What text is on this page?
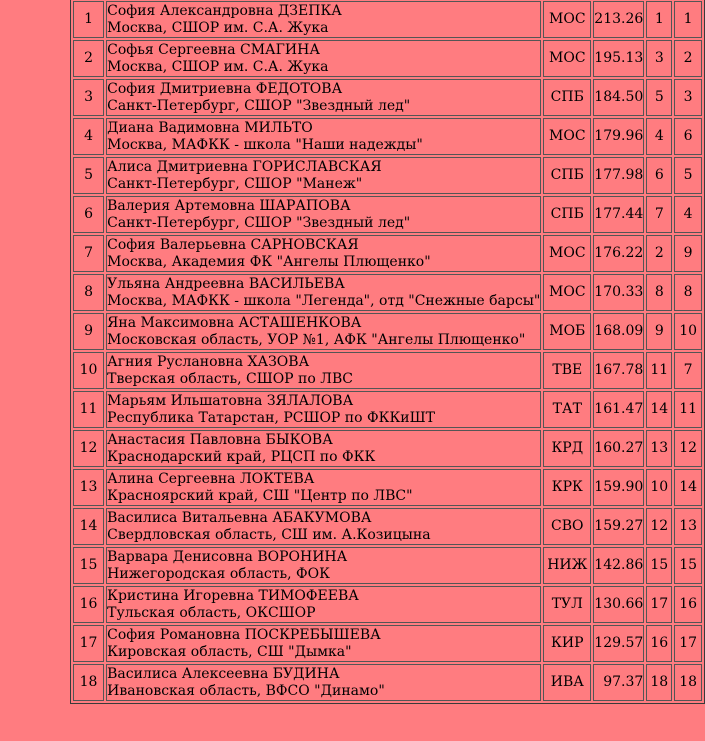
1	София Александровна ДЗЕПКА
Москва, СШОР им. С.А. Жука	МОС	213.26	1	1
2	Софья Сергеевна СМАГИНА
Москва, СШОР им. С.А. Жука	МОС	195.13	3	2
3	София Дмитриевна ФЕДОТОВА
Санкт-Петербург, СШОР "Звездный лед"	СПБ	184.50	5	3
4	Диана Вадимовна МИЛЬТО
Москва, МАФКК - школа "Наши надежды"	МОС	179.96	4	6
5	Алиса Дмитриевна ГОРИСЛАВСКАЯ
Санкт-Петербург, СШОР "Манеж"	СПБ	177.98	6	5
6	Валерия Артемовна ШАРАПОВА
Санкт-Петербург, СШОР "Звездный лед"	СПБ	177.44	7	4
7	София Валерьевна САРНОВСКАЯ
Москва, Академия ФК "Ангелы Плющенко"	МОС	176.22	2	9
8	Ульяна Андреевна ВАСИЛЬЕВА
Москва, МАФКК - школа "Легенда", отд "Снежные барсы"	МОС	170.33	8	8
9	Яна Максимовна АСТАШЕНКОВА
Московская область, УОР №1, АФК "Ангелы Плющенко"	МОБ	168.09	9	10
10	Агния Руслановна ХАЗОВА
Тверская область, СШОР по ЛВС	ТВЕ	167.78	11	7
11	Марьям Ильшатовна ЗЯЛАЛОВА
Республика Татарстан, РСШОР по ФККиШТ	ТАТ	161.47	14	11
12	Анастасия Павловна БЫКОВА
Краснодарский край, РЦСП по ФКК	КРД	160.27	13	12
13	Алина Сергеевна ЛОКТЕВА
Красноярский край, СШ "Центр по ЛВС"	КРК	159.90	10	14
14	Василиса Витальевна АБАКУМОВА
Свердловская область, СШ им. А.Козицына	СВО	159.27	12	13
15	Варвара Денисовна ВОРОНИНА
Нижегородская область, ФОК	НИЖ	142.86	15	15
16	Кристина Игоревна ТИМОФЕЕВА
Тульская область, ОКСШОР	ТУЛ	130.66	17	16
17	София Романовна ПОСКРЕБЫШЕВА
Кировская область, СШ "Дымка"	КИР	129.57	16	17
18	Василиса Алексеевна БУДИНА
Ивановская область, ВФСО "Динамо"	ИВА	97.37	18	18
